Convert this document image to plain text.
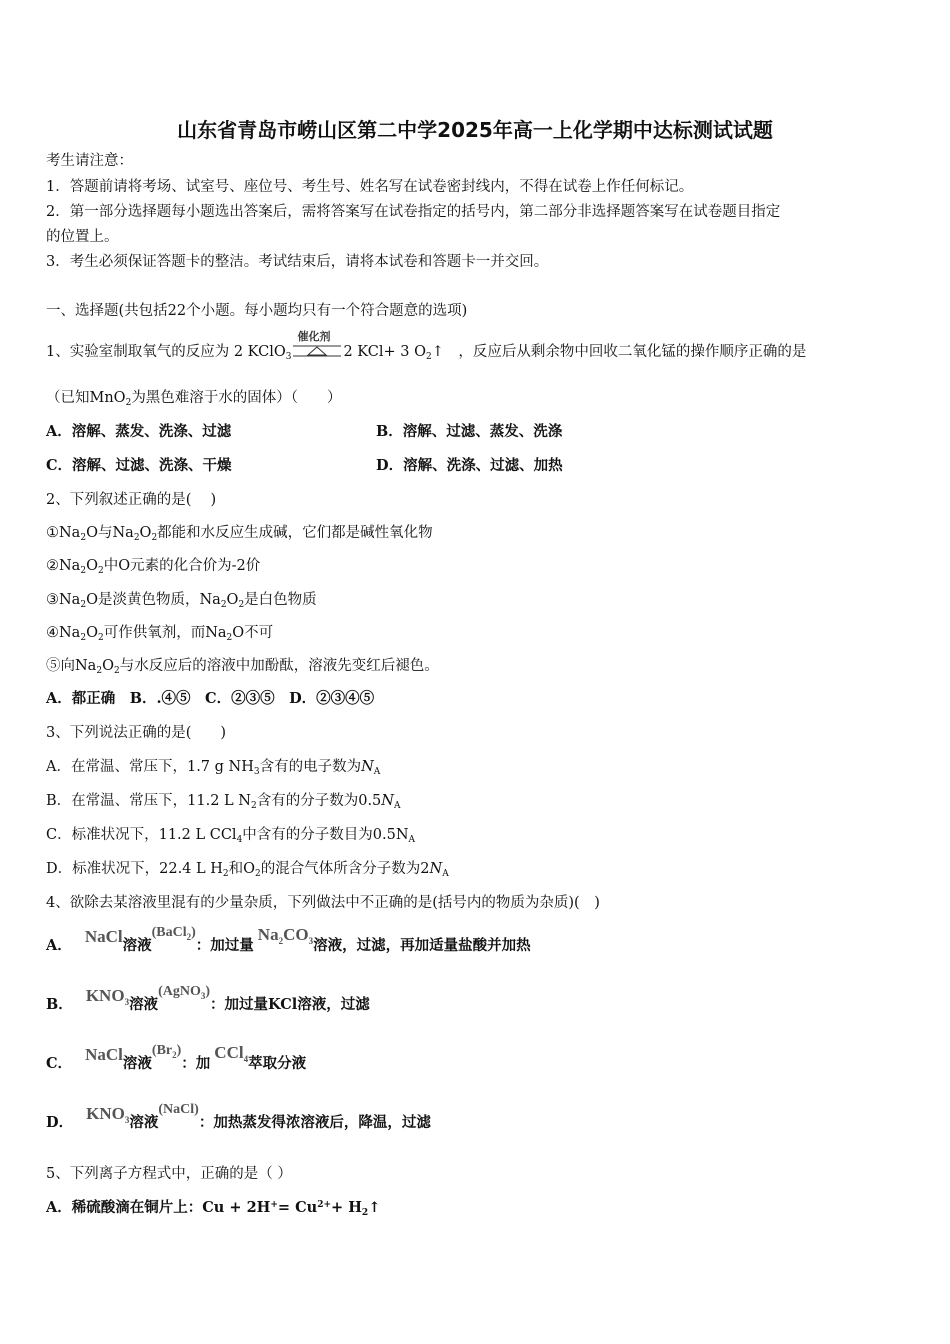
山东省青岛市崂山区第二中学2025年高一上化学期中达标测试试题
考生请注意：
1．答题前请将考场、试室号、座位号、考生号、姓名写在试卷密封线内，不得在试卷上作任何标记。
2．第一部分选择题每小题选出答案后，需将答案写在试卷指定的括号内，第二部分非选择题答案写在试卷题目指定
的位置上。
3．考生必须保证答题卡的整洁。考试结束后，请将本试卷和答题卡一并交回。
一、选择题(共包括22个小题。每小题均只有一个符合题意的选项)
1、实验室制取氧气的反应为 2 KClO$_3$
催化剂
2 KCl+ 3 $O_2↑$　 ，反应后从剩余物中回收二氧化锰的操作顺序正确的是
（已知MnO$_2$为黑色难溶于水的固体）（　　）
A．溶解、蒸发、洗涤、过滤	B．溶解、过滤、蒸发、洗涤
C．溶解、过滤、洗涤、干燥	D．溶解、洗涤、过滤、加热
2、下列叙述正确的是(　 )
$①Na_2O$与$Na_2O_2$都能和水反应生成碱，它们都是碱性氧化物
$②Na_2O_2$中O元素的化合价为-2价
$③Na_2O$是淡黄色物质，$Na_2O_2$是白色物质
$④Na_2O_2$可作供氧剂，而$Na_2O$不可
⑤向$Na_2O_2$与水反应后的溶液中加酚酞，溶液先变红后褪色。
A．都正确　B．.④⑤　C．②③⑤　D．②③④⑤
3、下列说法正确的是(　　)
A．在常温、常压下，1.7 g $NH_3$含有的电子数为$N_A$
B．在常温、常压下，11.2 L $N_2$含有的分子数为$0.5N_A$
C．标准状况下，11.2 L CCl$_4$中含有的分子数目为$0.5N_A$
D．标准状况下，22.4 L $H_2$和$O_2$的混合气体所含分子数为$2N_A$
4、欲除去某溶液里混有的少量杂质，下列做法中不正确的是(括号内的物质为杂质)(　)
A． NaCl溶液(BaCl$_2$)：加过量$Na_2CO_3$溶液，过滤，再加适量盐酸并加热
B． $KNO_3$溶液(AgNO$_3$)：加过量KCl溶液，过滤
C． NaCl溶液$(Br_2)$：加CCl$_4$萃取分液
D． $KNO_3$溶液(NaCl)：加热蒸发得浓溶液后，降温，过滤
5、下列离子方程式中，正确的是（ ）
A．稀硫酸滴在铜片上：$Cu + 2H^+= Cu^{2+}+$ $H_2↑$
